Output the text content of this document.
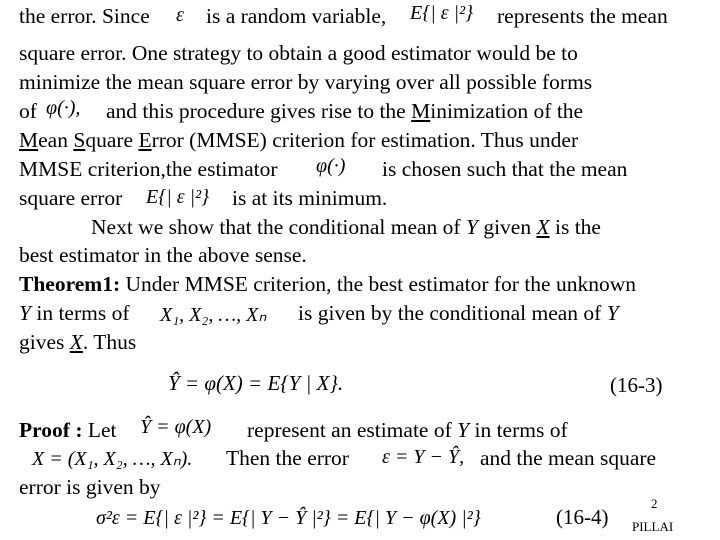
the error. Since ε is a random variable, E{| ε |²} represents the mean
square error. One strategy to obtain a good estimator would be to
minimize the mean square error by varying over all possible forms
of φ(·), and this procedure gives rise to the Minimization of the
Mean Square Error (MMSE) criterion for estimation. Thus under
MMSE criterion,the estimator φ(·) is chosen such that the mean
square error E{| ε |²} is at its minimum.
Next we show that the conditional mean of Y given X is the
best estimator in the above sense.
Theorem1: Under MMSE criterion, the best estimator for the unknown
Y in terms of X₁, X₂, …, Xₙ is given by the conditional mean of Y
gives X. Thus
Ŷ = φ(X) = E{Y | X}.	(16-3)
Proof : Let Ŷ = φ(X) represent an estimate of Y in terms of
X = (X₁, X₂, …, Xₙ). Then the error ε = Y − Ŷ, and the mean square
error is given by
σ²ε = E{| ε |²} = E{| Y − Ŷ |²} = E{| Y − φ(X) |²}	(16-4)
2
PILLAI
